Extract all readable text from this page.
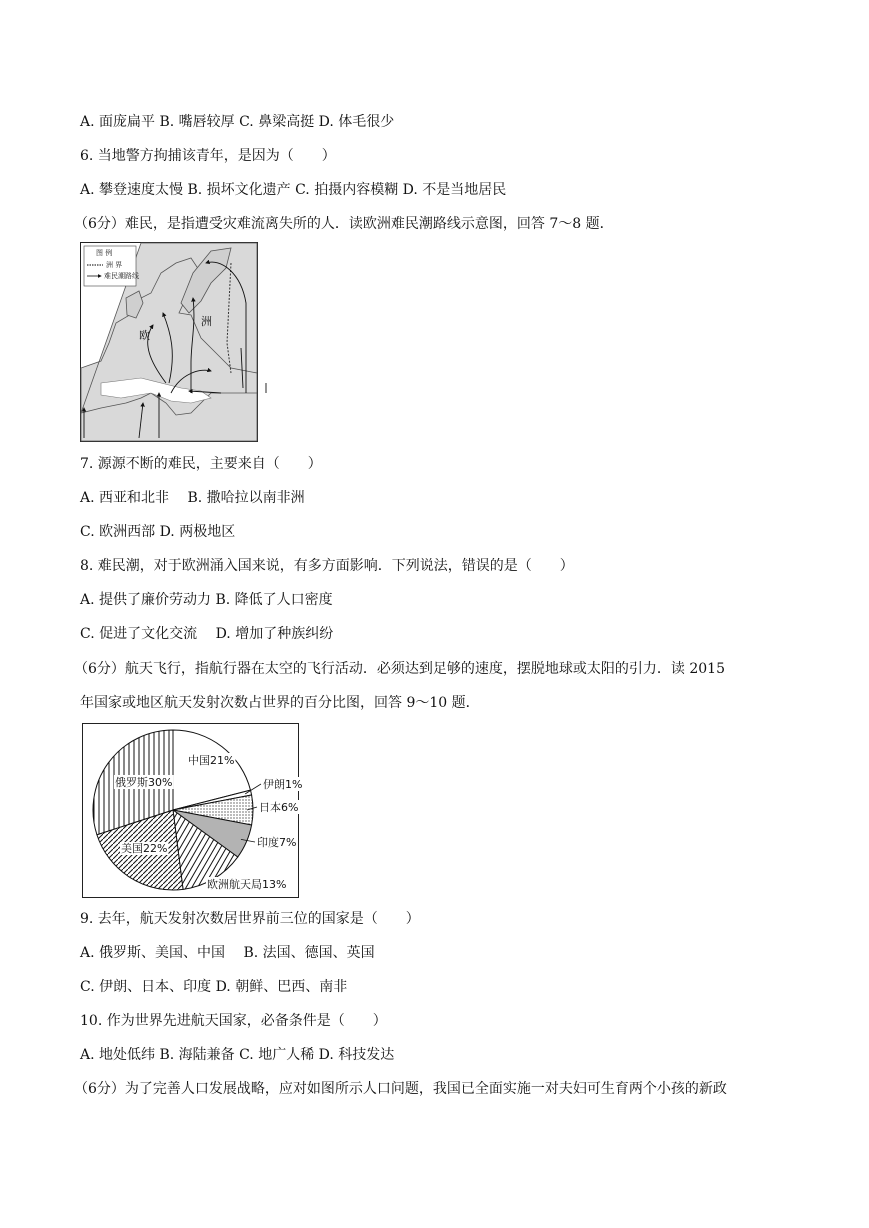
A. 面庞扁平 B. 嘴唇较厚 C. 鼻梁高挺 D. 体毛很少
6. 当地警方拘捕该青年，是因为（　　）
A. 攀登速度太慢 B. 损坏文化遗产 C. 拍摄内容模糊 D. 不是当地居民
（6分）难民，是指遭受灾难流离失所的人．读欧洲难民潮路线示意图，回答 7～8 题．
图 例
洲 界
难民潮路线
欧
洲
7. 源源不断的难民，主要来自（　　）
A. 西亚和北非　 B. 撒哈拉以南非洲
C. 欧洲西部 D. 两极地区
8. 难民潮，对于欧洲涌入国来说，有多方面影响．下列说法，错误的是（　　）
A. 提供了廉价劳动力 B. 降低了人口密度
C. 促进了文化交流　 D. 增加了种族纠纷
（6分）航天飞行，指航行器在太空的飞行活动．必须达到足够的速度，摆脱地球或太阳的引力．读 2015
年国家或地区航天发射次数占世界的百分比图，回答 9～10 题．
中国21%
伊朗1%
日本6%
印度7%
欧洲航天局13%
美国22%
俄罗斯30%
9. 去年，航天发射次数居世界前三位的国家是（　　）
A. 俄罗斯、美国、中国　 B. 法国、德国、英国
C. 伊朗、日本、印度 D. 朝鲜、巴西、南非
10. 作为世界先进航天国家，必备条件是（　　）
A. 地处低纬 B. 海陆兼备 C. 地广人稀 D. 科技发达
（6分）为了完善人口发展战略，应对如图所示人口问题，我国已全面实施一对夫妇可生育两个小孩的新政
